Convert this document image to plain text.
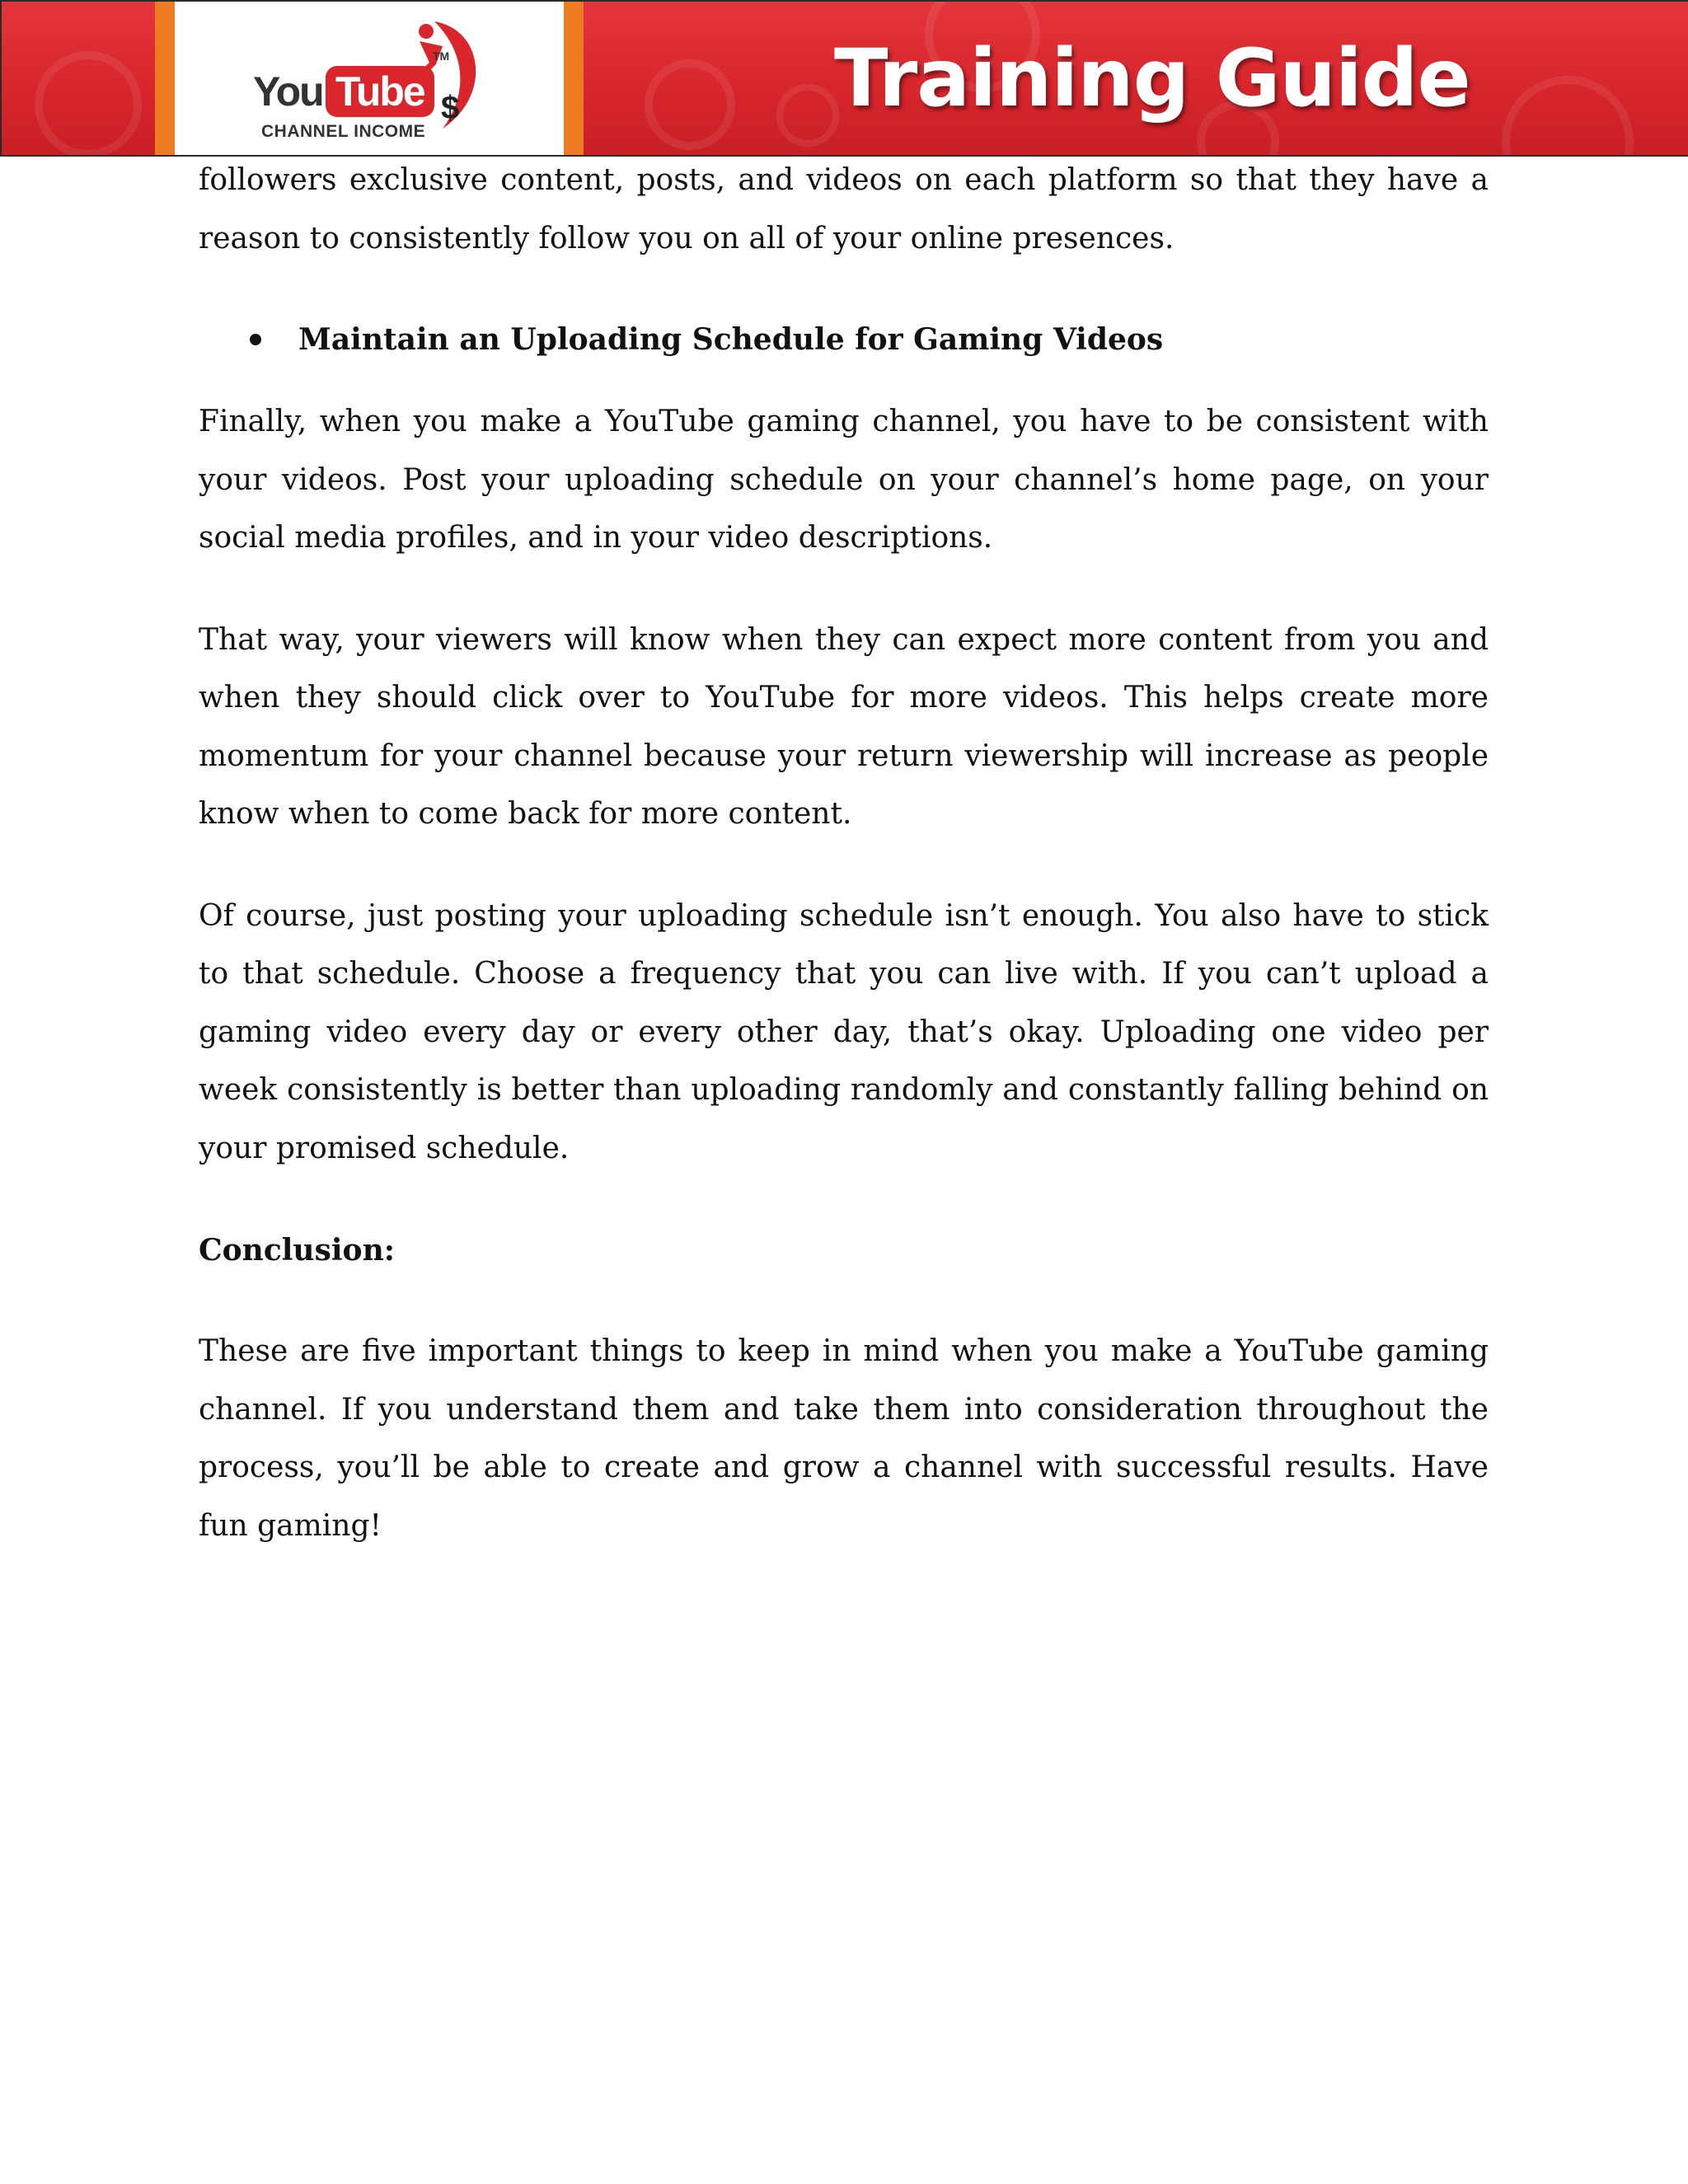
$
You Tube
TM
CHANNEL INCOME
Training Guide

followers exclusive content, posts, and videos on each platform so that they have a reason to consistently follow you on all of your online presences.

Maintain an Uploading Schedule for Gaming Videos

Finally, when you make a YouTube gaming channel, you have to be consistent with your videos. Post your uploading schedule on your channel’s home page, on your social media profiles, and in your video descriptions.

That way, your viewers will know when they can expect more content from you and when they should click over to YouTube for more videos. This helps create more momentum for your channel because your return viewership will increase as people know when to come back for more content.

Of course, just posting your uploading schedule isn’t enough. You also have to stick to that schedule. Choose a frequency that you can live with. If you can’t upload a gaming video every day or every other day, that’s okay. Uploading one video per week consistently is better than uploading randomly and constantly falling behind on your promised schedule.

Conclusion:

These are five important things to keep in mind when you make a YouTube gaming channel. If you understand them and take them into consideration throughout the process, you’ll be able to create and grow a channel with successful results. Have fun gaming!
